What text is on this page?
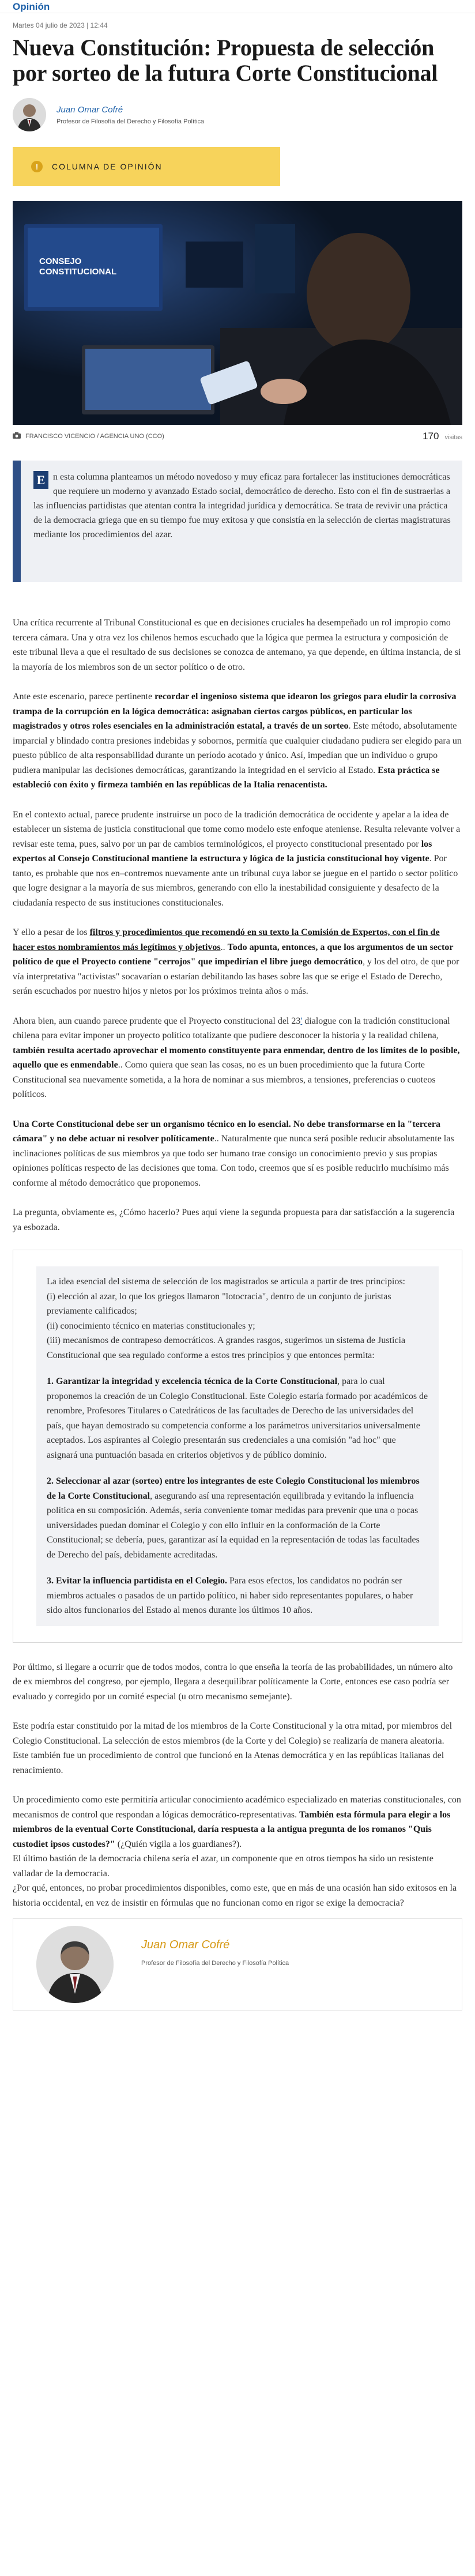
Opinión
Martes 04 julio de 2023 | 12:44
Nueva Constitución: Propuesta de selección por sorteo de la futura Corte Constitucional
Juan Omar Cofré
Profesor de Filosofía del Derecho y Filosofía Política
!	COLUMNA DE OPINIÓN
CONSEJO
CONSTITUCIONAL
FRANCISCO VICENCIO / AGENCIA UNO (CCO)	170 visitas
E n esta columna planteamos un método novedoso y muy eficaz para fortalecer las instituciones democráticas que requiere un moderno y avanzado Estado social, democrático de derecho. Esto con el fin de sustraerlas a las influencias partidistas que atentan contra la integridad jurídica y democrática. Se trata de revivir una práctica de la democracia griega que en su tiempo fue muy exitosa y que consistía en la selección de ciertas magistraturas mediante los procedimientos del azar.

Una crítica recurrente al Tribunal Constitucional es que en decisiones cruciales ha desempeñado un rol impropio como tercera cámara. Una y otra vez los chilenos hemos escuchado que la lógica que permea la estructura y composición de este tribunal lleva a que el resultado de sus decisiones se conozca de antemano, ya que depende, en última instancia, de si la mayoría de los miembros son de un sector político o de otro.

Ante este escenario, parece pertinente recordar el ingenioso sistema que idearon los griegos para eludir la corrosiva trampa de la corrupción en la lógica democrática: asignaban ciertos cargos públicos, en particular los magistrados y otros roles esenciales en la administración estatal, a través de un sorteo. Este método, absolutamente imparcial y blindado contra presiones indebidas y sobornos, permitía que cualquier ciudadano pudiera ser elegido para un puesto público de alta responsabilidad durante un período acotado y único. Así, impedían que un individuo o grupo pudiera manipular las decisiones democráticas, garantizando la integridad en el servicio al Estado. Esta práctica se estableció con éxito y firmeza también en las repúblicas de la Italia renacentista.

En el contexto actual, parece prudente instruirse un poco de la tradición democrática de occidente y apelar a la idea de establecer un sistema de justicia constitucional que tome como modelo este enfoque ateniense. Resulta relevante volver a revisar este tema, pues, salvo por un par de cambios terminológicos, el proyecto constitucional presentado por los expertos al Consejo Constitucional mantiene la estructura y lógica de la justicia constitucional hoy vigente. Por tanto, es probable que nos en–contremos nuevamente ante un tribunal cuya labor se juegue en el partido o sector político que logre designar a la mayoría de sus miembros, generando con ello la inestabilidad consiguiente y desafecto de la ciudadanía respecto de sus instituciones constitucionales.

Y ello a pesar de los filtros y procedimientos que recomendó en su texto la Comisión de Expertos, con el fin de hacer estos nombramientos más legítimos y objetivos.. Todo apunta, entonces, a que los argumentos de un sector político de que el Proyecto contiene "cerrojos" que impedirían el libre juego democrático, y los del otro, de que por vía interpretativa "activistas" socavarían o estarían debilitando las bases sobre las que se erige el Estado de Derecho, serán escuchados por nuestro hijos y nietos por los próximos treinta años o más.

Ahora bien, aun cuando parece prudente que el Proyecto constitucional del 23' dialogue con la tradición constitucional chilena para evitar imponer un proyecto político totalizante que pudiere desconocer la historia y la realidad chilena, también resulta acertado aprovechar el momento constituyente para enmendar, dentro de los límites de lo posible, aquello que es enmendable.. Como quiera que sean las cosas, no es un buen procedimiento que la futura Corte Constitucional sea nuevamente sometida, a la hora de nominar a sus miembros, a tensiones, preferencias o cuoteos políticos.

Una Corte Constitucional debe ser un organismo técnico en lo esencial. No debe transformarse en la "tercera cámara" y no debe actuar ni resolver políticamente.. Naturalmente que nunca será posible reducir absolutamente las inclinaciones políticas de sus miembros ya que todo ser humano trae consigo un conocimiento previo y sus propias opiniones políticas respecto de las decisiones que toma. Con todo, creemos que sí es posible reducirlo muchísimo más conforme al método democrático que proponemos.

La pregunta, obviamente es, ¿Cómo hacerlo? Pues aquí viene la segunda propuesta para dar satisfacción a la sugerencia ya esbozada.

La idea esencial del sistema de selección de los magistrados se articula a partir de tres principios:
(i) elección al azar, lo que los griegos llamaron "lotocracia", dentro de un conjunto de juristas previamente calificados;
(ii) conocimiento técnico en materias constitucionales y;
(iii) mecanismos de contrapeso democráticos. A grandes rasgos, sugerimos un sistema de Justicia Constitucional que sea regulado conforme a estos tres principios y que entonces permita:

1. Garantizar la integridad y excelencia técnica de la Corte Constitucional, para lo cual proponemos la creación de un Colegio Constitucional. Este Colegio estaría formado por académicos de renombre, Profesores Titulares o Catedráticos de las facultades de Derecho de las universidades del país, que hayan demostrado su competencia conforme a los parámetros universitarios universalmente aceptados. Los aspirantes al Colegio presentarán sus credenciales a una comisión "ad hoc" que asignará una puntuación basada en criterios objetivos y de público dominio.

2. Seleccionar al azar (sorteo) entre los integrantes de este Colegio Constitucional los miembros de la Corte Constitucional, asegurando así una representación equilibrada y evitando la influencia política en su composición. Además, sería conveniente tomar medidas para prevenir que una o pocas universidades puedan dominar el Colegio y con ello influir en la conformación de la Corte Constitucional; se debería, pues, garantizar así la equidad en la representación de todas las facultades de Derecho del país, debidamente acreditadas.

3. Evitar la influencia partidista en el Colegio. Para esos efectos, los candidatos no podrán ser miembros actuales o pasados de un partido político, ni haber sido representantes populares, o haber sido altos funcionarios del Estado al menos durante los últimos 10 años.

Por último, si llegare a ocurrir que de todos modos, contra lo que enseña la teoría de las probabilidades, un número alto de ex miembros del congreso, por ejemplo, llegara a desequilibrar políticamente la Corte, entonces ese caso podría ser evaluado y corregido por un comité especial (u otro mecanismo semejante).

Este podría estar constituido por la mitad de los miembros de la Corte Constitucional y la otra mitad, por miembros del Colegio Constitucional. La selección de estos miembros (de la Corte y del Colegio) se realizaría de manera aleatoria. Este también fue un procedimiento de control que funcionó en la Atenas democrática y en las repúblicas italianas del renacimiento.

Un procedimiento como este permitiría articular conocimiento académico especializado en materias constitucionales, con mecanismos de control que respondan a lógicas democrático-representativas. También esta fórmula para elegir a los miembros de la eventual Corte Constitucional, daría respuesta a la antigua pregunta de los romanos "Quis custodiet ipsos custodes?" (¿Quién vigila a los guardianes?).
El último bastión de la democracia chilena sería el azar, un componente que en otros tiempos ha sido un resistente valladar de la democracia.
¿Por qué, entonces, no probar procedimientos disponibles, como este, que en más de una ocasión han sido exitosos en la historia occidental, en vez de insistir en fórmulas que no funcionan como en rigor se exige la democracia?

Juan Omar Cofré
Profesor de Filosofía del Derecho y Filosofía Política
